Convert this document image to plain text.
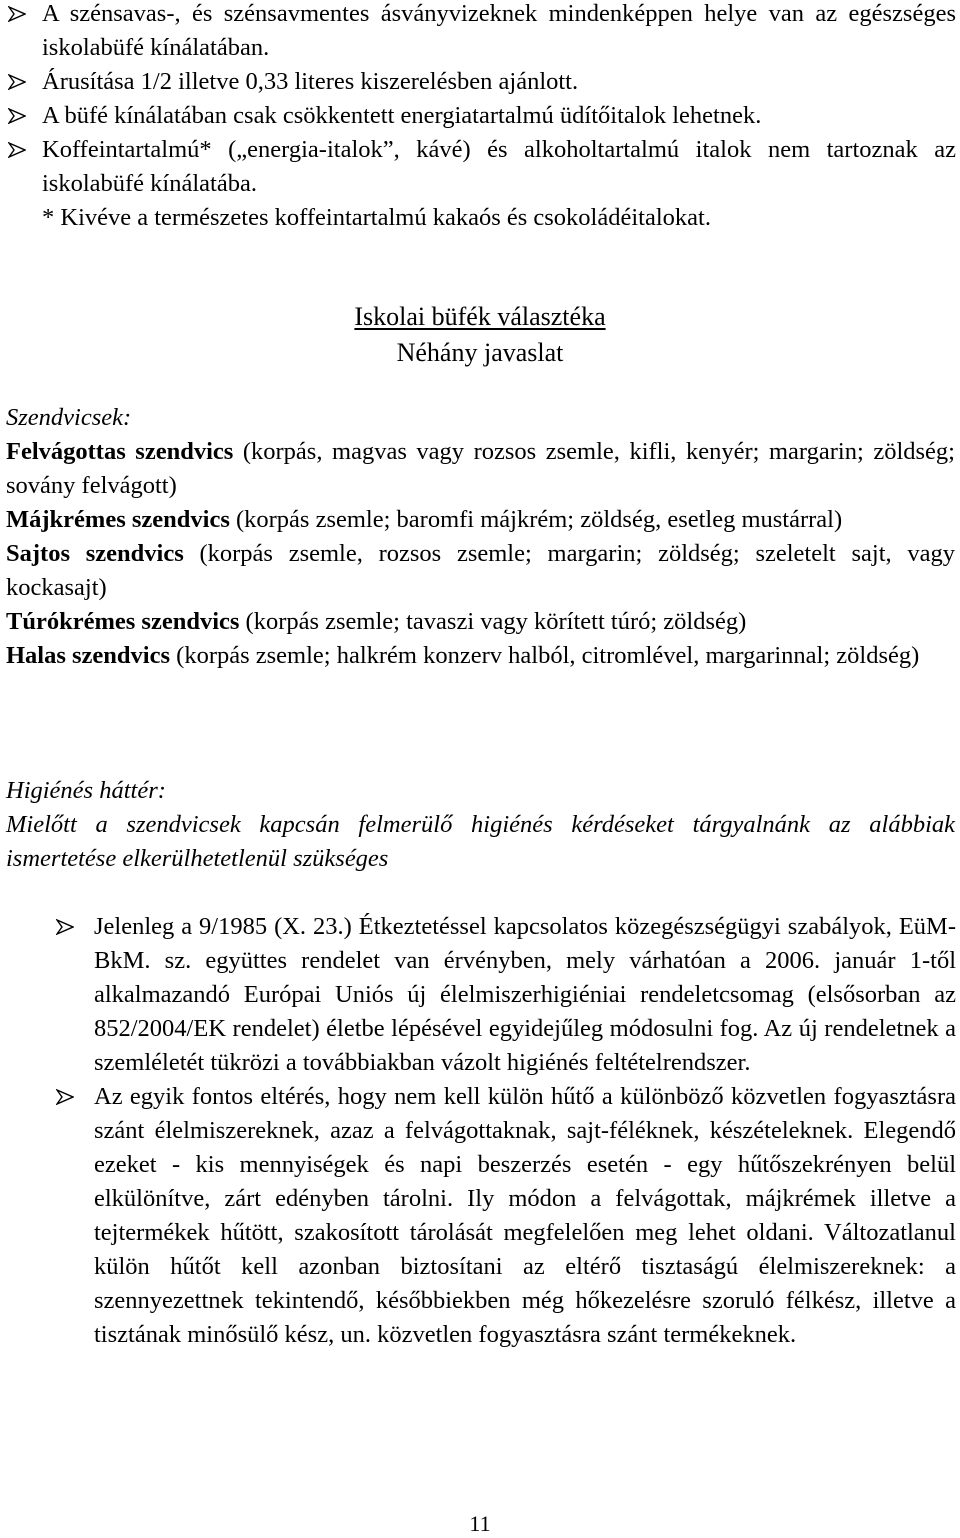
A szénsavas-, és szénsavmentes ásványvizeknek mindenképpen helye van az egészséges iskolabüfé kínálatában.
Árusítása 1/2 illetve 0,33 literes kiszerelésben ajánlott.
A büfé kínálatában csak csökkentett energiatartalmú üdítőitalok lehetnek.
Koffeintartalmú* („energia-italok”, kávé) és alkoholtartalmú italok nem tartoznak az iskolabüfé kínálatába.
* Kivéve a természetes koffeintartalmú kakaós és csokoládéitalokat.
Iskolai büfék választéka
Néhány javaslat
Szendvicsek:
Felvágottas szendvics (korpás, magvas vagy rozsos zsemle, kifli, kenyér; margarin; zöldség; sovány felvágott)
Májkrémes szendvics (korpás zsemle; baromfi májkrém; zöldség, esetleg mustárral)
Sajtos szendvics (korpás zsemle, rozsos zsemle; margarin; zöldség; szeletelt sajt, vagy kockasajt)
Túrókrémes szendvics (korpás zsemle; tavaszi vagy körített túró; zöldség)
Halas szendvics (korpás zsemle; halkrém konzerv halból, citromlével, margarinnal; zöldség)
Higiénés háttér:
Mielőtt a szendvicsek kapcsán felmerülő higiénés kérdéseket tárgyalnánk az alábbiak ismertetése elkerülhetetlenül szükséges
Jelenleg a 9/1985 (X. 23.) Étkeztetéssel kapcsolatos közegészségügyi szabályok, EüM-BkM. sz. együttes rendelet van érvényben, mely várhatóan a 2006. január 1-től alkalmazandó Európai Uniós új élelmiszerhigiéniai rendeletcsomag (elsősorban az 852/2004/EK rendelet) életbe lépésével egyidejűleg módosulni fog. Az új rendeletnek a szemléletét tükrözi a továbbiakban vázolt higiénés feltételrendszer.
Az egyik fontos eltérés, hogy nem kell külön hűtő a különböző közvetlen fogyasztásra szánt élelmiszereknek, azaz a felvágottaknak, sajt-féléknek, készételeknek. Elegendő ezeket - kis mennyiségek és napi beszerzés esetén - egy hűtőszekrényen belül elkülönítve, zárt edényben tárolni. Ily módon a felvágottak, májkrémek illetve a tejtermékek hűtött, szakosított tárolását megfelelően meg lehet oldani. Változatlanul külön hűtőt kell azonban biztosítani az eltérő tisztaságú élelmiszereknek: a szennyezettnek tekintendő, későbbiekben még hőkezelésre szoruló félkész, illetve a tisztának minősülő kész, un. közvetlen fogyasztásra szánt termékeknek.
11
